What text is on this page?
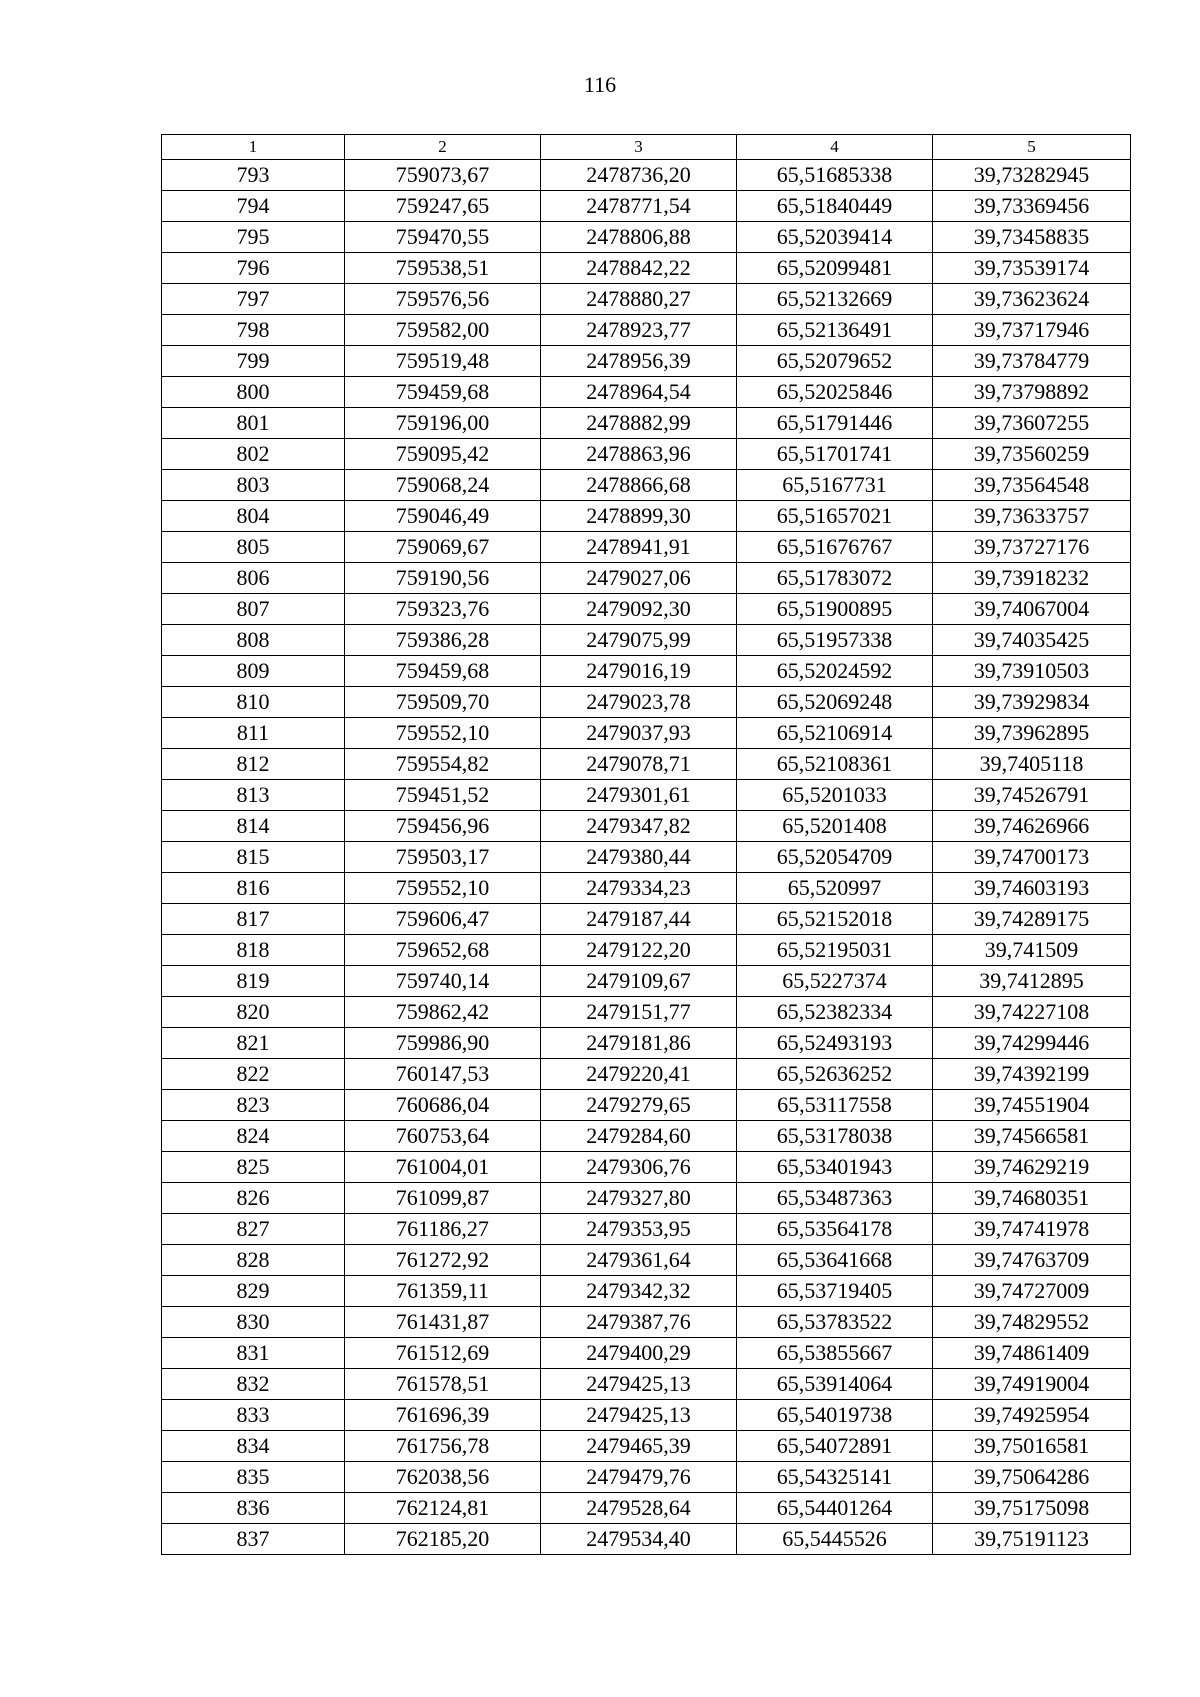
116
1	2	3	4	5
793	759073,67	2478736,20	65,51685338	39,73282945
794	759247,65	2478771,54	65,51840449	39,73369456
795	759470,55	2478806,88	65,52039414	39,73458835
796	759538,51	2478842,22	65,52099481	39,73539174
797	759576,56	2478880,27	65,52132669	39,73623624
798	759582,00	2478923,77	65,52136491	39,73717946
799	759519,48	2478956,39	65,52079652	39,73784779
800	759459,68	2478964,54	65,52025846	39,73798892
801	759196,00	2478882,99	65,51791446	39,73607255
802	759095,42	2478863,96	65,51701741	39,73560259
803	759068,24	2478866,68	65,5167731	39,73564548
804	759046,49	2478899,30	65,51657021	39,73633757
805	759069,67	2478941,91	65,51676767	39,73727176
806	759190,56	2479027,06	65,51783072	39,73918232
807	759323,76	2479092,30	65,51900895	39,74067004
808	759386,28	2479075,99	65,51957338	39,74035425
809	759459,68	2479016,19	65,52024592	39,73910503
810	759509,70	2479023,78	65,52069248	39,73929834
811	759552,10	2479037,93	65,52106914	39,73962895
812	759554,82	2479078,71	65,52108361	39,7405118
813	759451,52	2479301,61	65,5201033	39,74526791
814	759456,96	2479347,82	65,5201408	39,74626966
815	759503,17	2479380,44	65,52054709	39,74700173
816	759552,10	2479334,23	65,520997	39,74603193
817	759606,47	2479187,44	65,52152018	39,74289175
818	759652,68	2479122,20	65,52195031	39,741509
819	759740,14	2479109,67	65,5227374	39,7412895
820	759862,42	2479151,77	65,52382334	39,74227108
821	759986,90	2479181,86	65,52493193	39,74299446
822	760147,53	2479220,41	65,52636252	39,74392199
823	760686,04	2479279,65	65,53117558	39,74551904
824	760753,64	2479284,60	65,53178038	39,74566581
825	761004,01	2479306,76	65,53401943	39,74629219
826	761099,87	2479327,80	65,53487363	39,74680351
827	761186,27	2479353,95	65,53564178	39,74741978
828	761272,92	2479361,64	65,53641668	39,74763709
829	761359,11	2479342,32	65,53719405	39,74727009
830	761431,87	2479387,76	65,53783522	39,74829552
831	761512,69	2479400,29	65,53855667	39,74861409
832	761578,51	2479425,13	65,53914064	39,74919004
833	761696,39	2479425,13	65,54019738	39,74925954
834	761756,78	2479465,39	65,54072891	39,75016581
835	762038,56	2479479,76	65,54325141	39,75064286
836	762124,81	2479528,64	65,54401264	39,75175098
837	762185,20	2479534,40	65,5445526	39,75191123
